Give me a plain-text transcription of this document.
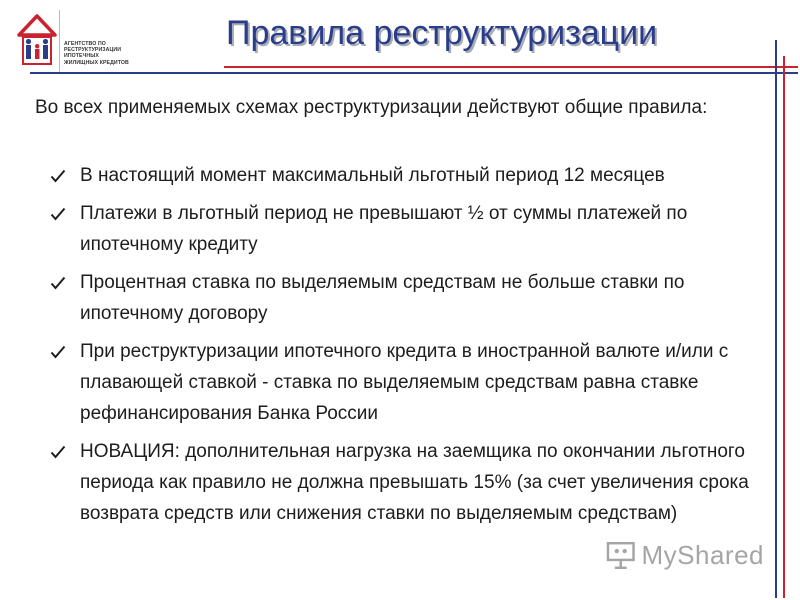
АГЕНТСТВО ПО РЕСТРУКТУРИЗАЦИИ ИПОТЕЧНЫХ ЖИЛИЩНЫХ КРЕДИТОВ
Правила реструктуризации

Во всех применяемых схемах реструктуризации действуют общие правила:

В настоящий момент максимальный льготный период 12 месяцев
Платежи в льготный период не превышают ½ от суммы платежей по ипотечному кредиту
Процентная ставка по выделяемым средствам не больше ставки по ипотечному договору
При реструктуризации ипотечного кредита в иностранной валюте и/или с плавающей ставкой - ставка по выделяемым средствам равна ставке рефинансирования Банка России
НОВАЦИЯ: дополнительная нагрузка на заемщика по окончании льготного периода как правило не должна превышать 15% (за счет увеличения срока возврата средств или снижения ставки по выделяемым средствам)
MyShared
